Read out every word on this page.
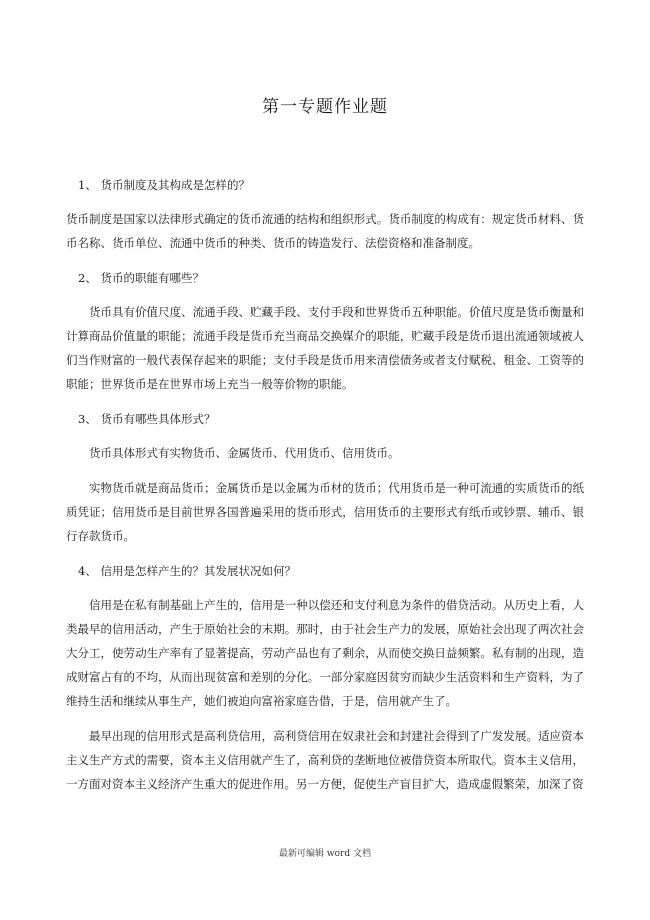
第一专题作业题
1、 货币制度及其构成是怎样的？
货币制度是国家以法律形式确定的货币流通的结构和组织形式。货币制度的构成有：规定货币材料、货币名称、货币单位、流通中货币的种类、货币的铸造发行、法偿资格和准备制度。
2、 货币的职能有哪些？
货币具有价值尺度、流通手段、贮藏手段、支付手段和世界货币五种职能。价值尺度是货币衡量和计算商品价值量的职能；流通手段是货币充当商品交换媒介的职能，贮藏手段是货币退出流通领域被人们当作财富的一般代表保存起来的职能；支付手段是货币用来清偿债务或者支付赋税、租金、工资等的职能；世界货币是在世界市场上充当一般等价物的职能。
3、 货币有哪些具体形式？
货币具体形式有实物货币、金属货币、代用货币、信用货币。
实物货币就是商品货币；金属货币是以金属为币材的货币；代用货币是一种可流通的实质货币的纸质凭证；信用货币是目前世界各国普遍采用的货币形式，信用货币的主要形式有纸币或钞票、辅币、银行存款货币。
4、 信用是怎样产生的？其发展状况如何？
信用是在私有制基础上产生的，信用是一种以偿还和支付利息为条件的借贷活动。从历史上看，人类最早的信用活动，产生于原始社会的末期。那时，由于社会生产力的发展，原始社会出现了两次社会大分工，使劳动生产率有了显著提高，劳动产品也有了剩余，从而使交换日益频繁。私有制的出现，造成财富占有的不均，从而出现贫富和差别的分化。一部分家庭因贫穷而缺少生活资料和生产资料，为了维持生活和继续从事生产，她们被迫向富裕家庭告借，于是，信用就产生了。
最早出现的信用形式是高利贷信用，高利贷信用在奴隶社会和封建社会得到了广发发展。适应资本主义生产方式的需要，资本主义信用就产生了，高利贷的垄断地位被借贷资本所取代。资本主义信用，一方面对资本主义经济产生重大的促进作用。另一方便，促使生产盲目扩大，造成虚假繁荣，加深了资
最新可编辑 word 文档
